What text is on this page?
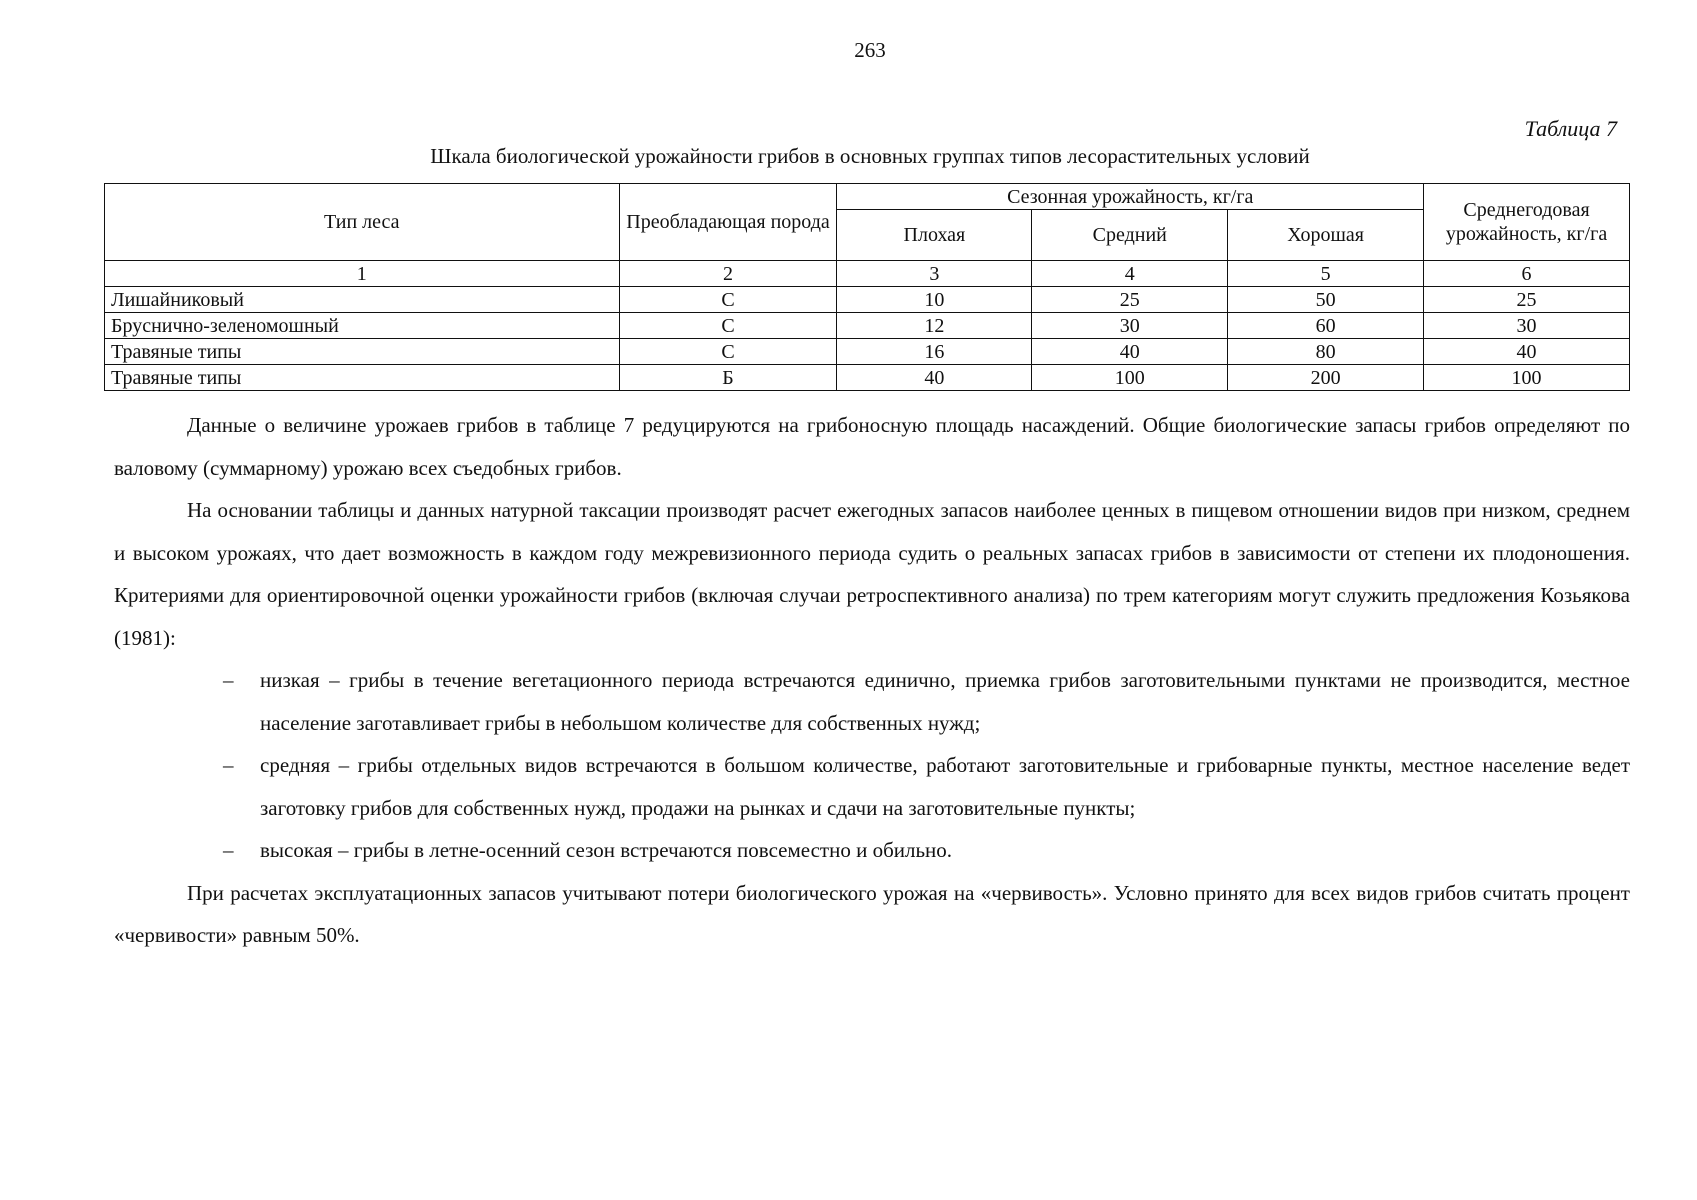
263
Таблица 7
Шкала биологической урожайности грибов в основных группах типов лесорастительных условий
Тип леса	Преобладающая порода	Сезонная урожайность, кг/га			Среднегодовая урожайность, кг/га
		Плохая	Средний	Хорошая	
1	2	3	4	5	6
Лишайниковый	С	10	25	50	25
Бруснично-зеленомошный	С	12	30	60	30
Травяные типы	С	16	40	80	40
Травяные типы	Б	40	100	200	100

Данные о величине урожаев грибов в таблице 7 редуцируются на грибоносную площадь насаждений. Общие биологические запасы грибов определяют по валовому (суммарному) урожаю всех съедобных грибов.

На основании таблицы и данных натурной таксации производят расчет ежегодных запасов наиболее ценных в пищевом отношении видов при низком, среднем и высоком урожаях, что дает возможность в каждом году межревизионного периода судить о реальных запасах грибов в зависимости от степени их плодоношения. Критериями для ориентировочной оценки урожайности грибов (включая случаи ретроспективного анализа) по трем категориям могут служить предложения Козьякова (1981):

– низкая – грибы в течение вегетационного периода встречаются единично, приемка грибов заготовительными пунктами не производится, местное население заготавливает грибы в небольшом количестве для собственных нужд;
– средняя – грибы отдельных видов встречаются в большом количестве, работают заготовительные и грибоварные пункты, местное население ведет заготовку грибов для собственных нужд, продажи на рынках и сдачи на заготовительные пункты;
– высокая – грибы в летне-осенний сезон встречаются повсеместно и обильно.

При расчетах эксплуатационных запасов учитывают потери биологического урожая на «червивость». Условно принято для всех видов грибов считать процент «червивости» равным 50%.
